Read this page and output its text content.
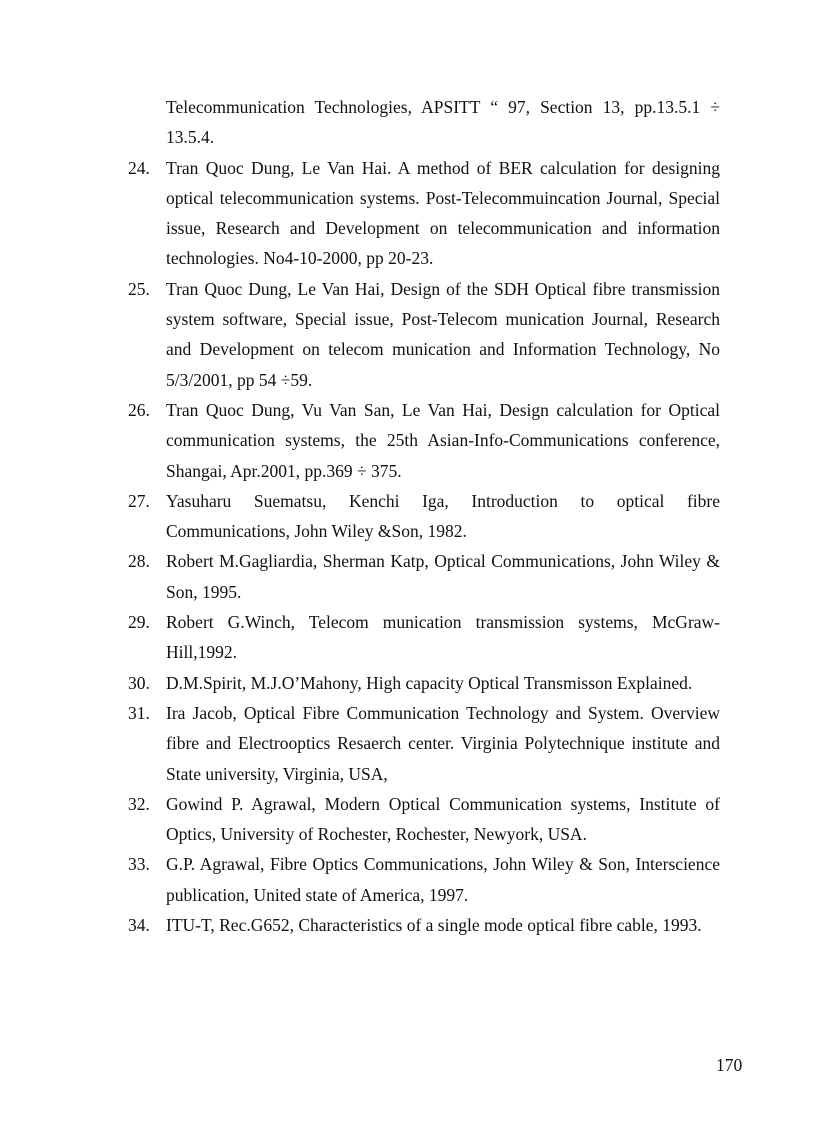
Telecommunication Technologies, APSITT “ 97, Section 13, pp.13.5.1 ÷ 13.5.4.
24. Tran Quoc Dung, Le Van Hai. A method of BER calculation for designing optical telecommunication systems. Post-Telecommuincation Journal, Special issue, Research and Development on telecommunication and information technologies. No4-10-2000, pp 20-23.
25. Tran Quoc Dung, Le Van Hai, Design of the SDH Optical fibre transmission system software, Special issue, Post-Telecom munication Journal, Research and Development on telecom munication and Information Technology, No 5/3/2001, pp 54 ÷59.
26. Tran Quoc Dung, Vu Van San, Le Van Hai, Design calculation for Optical communication systems, the 25th Asian-Info-Communications conference, Shangai, Apr.2001, pp.369 ÷ 375.
27. Yasuharu Suematsu, Kenchi Iga, Introduction to optical fibre Communications, John Wiley &Son, 1982.
28. Robert M.Gagliardia, Sherman Katp, Optical Communications, John Wiley & Son, 1995.
29. Robert G.Winch, Telecom munication transmission systems, McGraw-Hill,1992.
30. D.M.Spirit, M.J.O’Mahony, High capacity Optical Transmisson Explained.
31. Ira Jacob, Optical Fibre Communication Technology and System. Overview fibre and Electrooptics Resaerch center. Virginia Polytechnique institute and State university, Virginia, USA,
32. Gowind P. Agrawal, Modern Optical Communication systems, Institute of Optics, University of Rochester, Rochester, Newyork, USA.
33. G.P. Agrawal, Fibre Optics Communications, John Wiley & Son, Interscience publication, United state of America, 1997.
34. ITU-T, Rec.G652, Characteristics of a single mode optical fibre cable, 1993.
170
